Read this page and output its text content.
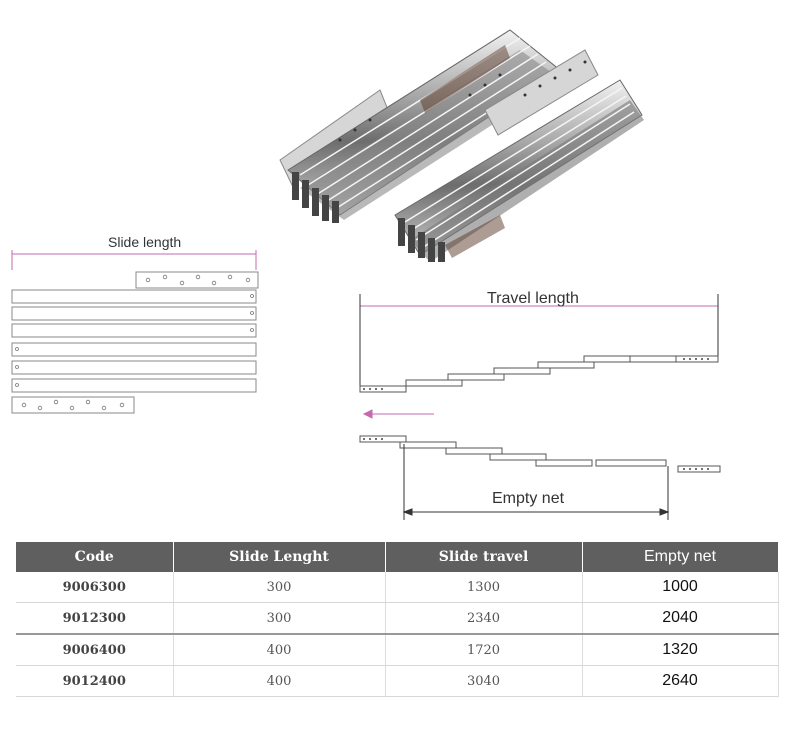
Slide length
Travel length
Empty net
Code	Slide Lenght	Slide travel	Empty net
9006300	300	1300	1000
9012300	300	2340	2040
9006400	400	1720	1320
9012400	400	3040	2640
